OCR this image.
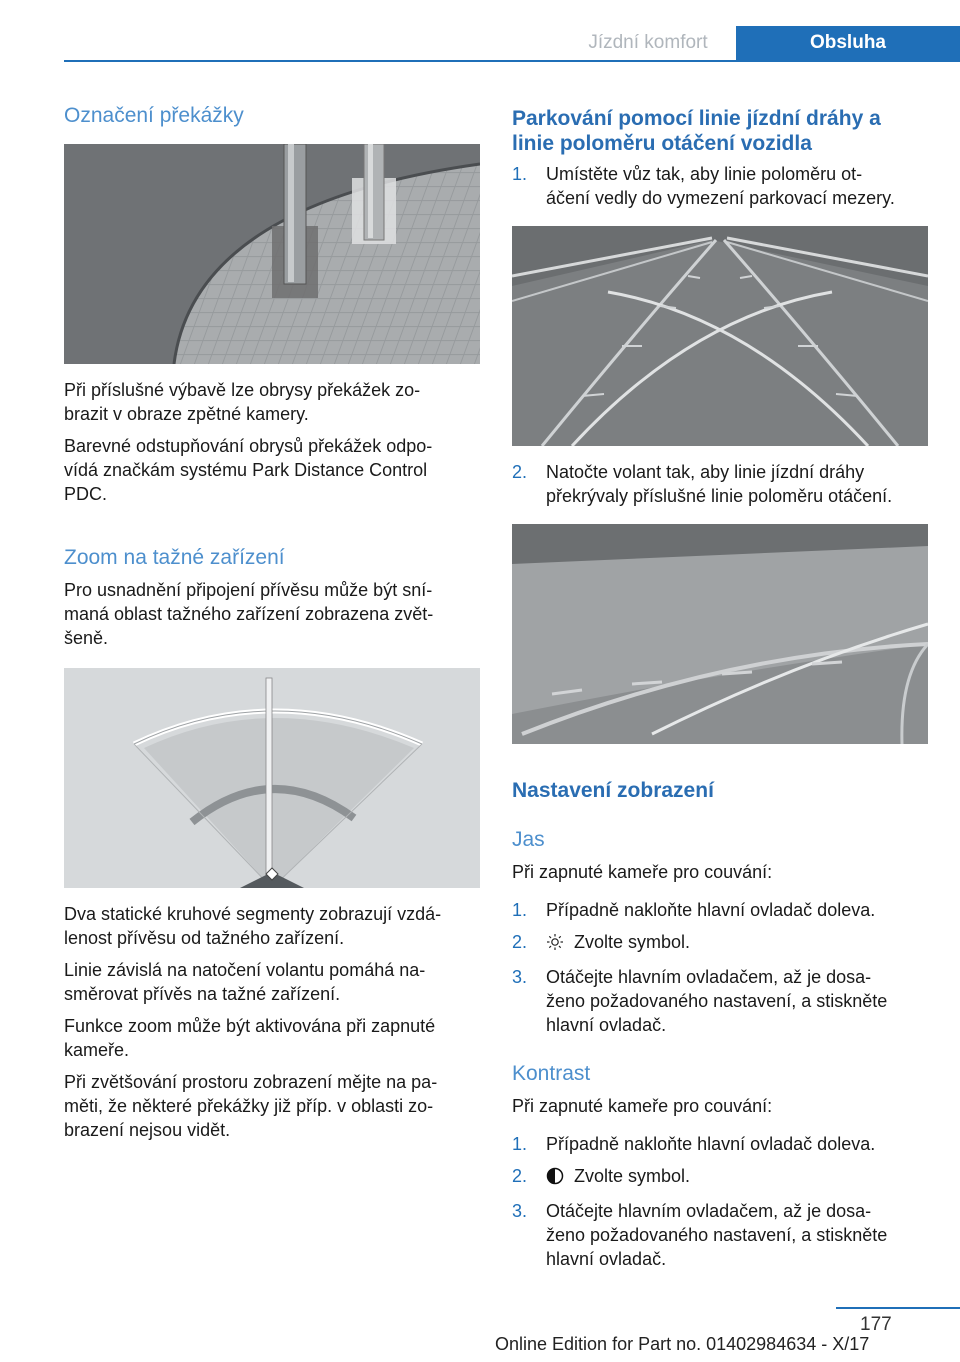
Jízdní komfort	Obsluha
Označení překážky

Při příslušné výbavě lze obrysy překážek zo-

brazit v obraze zpětné kamery.

Barevné odstupňování obrysů překážek odpo-

vídá značkám systému Park Distance Control

PDC.

Zoom na tažné zařízení

Pro usnadnění připojení přívěsu může být sní-

maná oblast tažného zařízení zobrazena zvět-

šeně.

Dva statické kruhové segmenty zobrazují vzdá-

lenost přívěsu od tažného zařízení.

Linie závislá na natočení volantu pomáhá na-

směrovat přívěs na tažné zařízení.

Funkce zoom může být aktivována při zapnuté

kameře.

Při zvětšování prostoru zobrazení mějte na pa-

měti, že některé překážky již příp. v oblasti zo-

brazení nejsou vidět.

Parkování pomocí linie jízdní dráhy a
linie poloměru otáčení vozidla
1. Umístěte vůz tak, aby linie poloměru ot-
áčení vedly do vymezení parkovací mezery.
2. Natočte volant tak, aby linie jízdní dráhy
překrývaly příslušné linie poloměru otáčení.
Nastavení zobrazení
Jas

Při zapnuté kameře pro couvání:

1. Případně nakloňte hlavní ovladač doleva.
2.	Zvolte symbol.
3. Otáčejte hlavním ovladačem, až je dosa-
ženo požadovaného nastavení, a stiskněte
hlavní ovladač.
Kontrast

Při zapnuté kameře pro couvání:

1. Případně nakloňte hlavní ovladač doleva.
2.	Zvolte symbol.
3. Otáčejte hlavním ovladačem, až je dosa-
ženo požadovaného nastavení, a stiskněte
hlavní ovladač.
177
Online Edition for Part no. 01402984634 - X/17
